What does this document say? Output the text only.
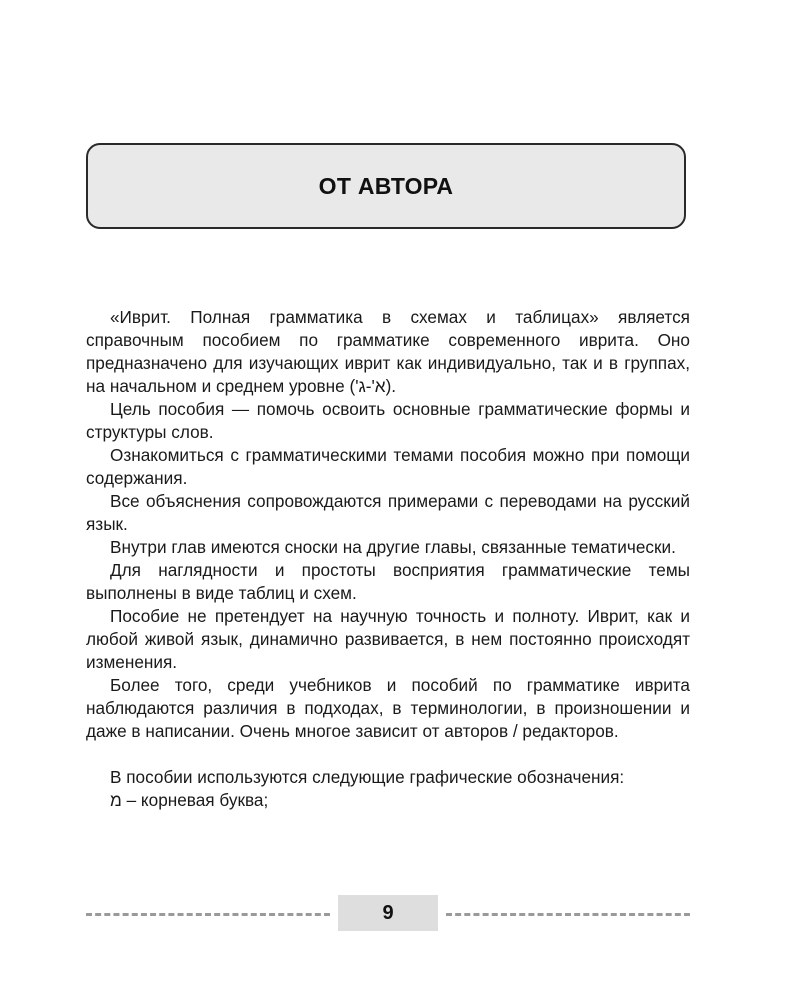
ОТ АВТОРА

«Иврит. Полная грамматика в схемах и таблицах» является справочным пособием по грамматике современного иврита. Оно предназначено для изучающих иврит как индивидуально, так и в группах, на начальном и среднем уровне ('א'-ג).

Цель пособия — помочь освоить основные грамматические формы и структуры слов.

Ознакомиться с грамматическими темами пособия можно при помощи содержания.

Все объяснения сопровождаются примерами с переводами на русский язык.

Внутри глав имеются сноски на другие главы, связанные тематически.

Для наглядности и простоты восприятия грамматические темы выполнены в виде таблиц и схем.

Пособие не претендует на научную точность и полноту. Иврит, как и любой живой язык, динамично развивается, в нем постоянно происходят изменения.

Более того, среди учебников и пособий по грамматике иврита наблюдаются различия в подходах, в терминологии, в произношении и даже в написании. Очень многое зависит от авторов / редакторов.

В пособии используются следующие графические обозначения:

מ – корневая буква;

9
